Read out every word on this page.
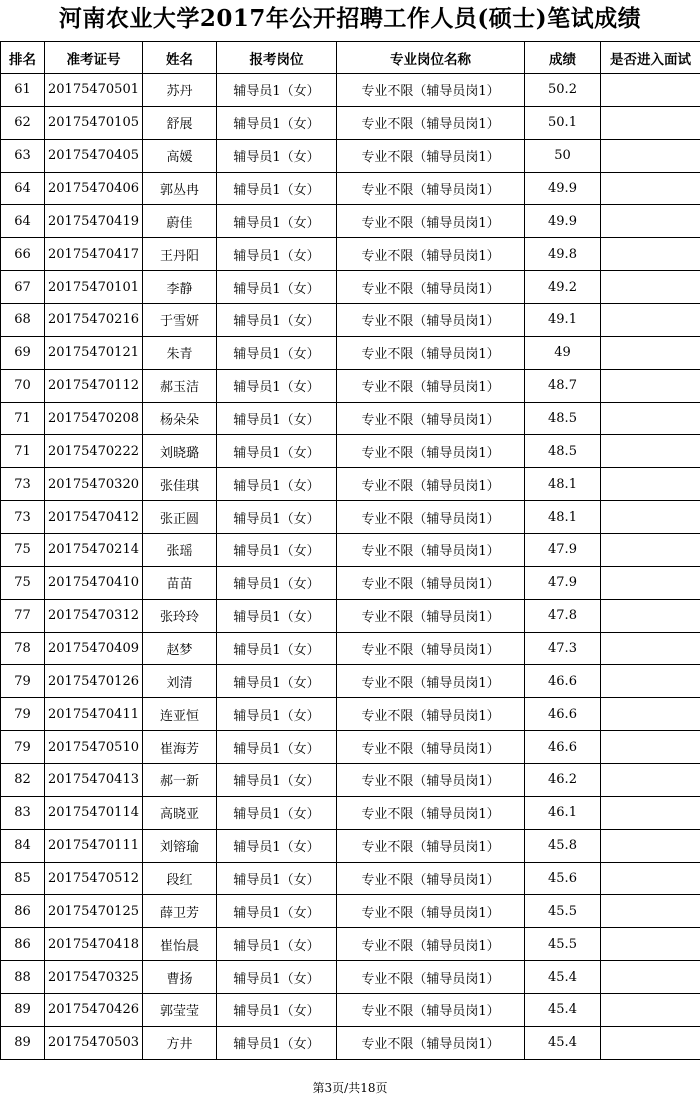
河南农业大学2017年公开招聘工作人员(硕士)笔试成绩
排名	准考证号	姓名	报考岗位	专业岗位名称	成绩	是否进入面试
61	20175470501	苏丹	辅导员1（女）	专业不限（辅导员岗1）	50.2	
62	20175470105	舒展	辅导员1（女）	专业不限（辅导员岗1）	50.1	
63	20175470405	高媛	辅导员1（女）	专业不限（辅导员岗1）	50	
64	20175470406	郭丛冉	辅导员1（女）	专业不限（辅导员岗1）	49.9	
64	20175470419	蔚佳	辅导员1（女）	专业不限（辅导员岗1）	49.9	
66	20175470417	王丹阳	辅导员1（女）	专业不限（辅导员岗1）	49.8	
67	20175470101	李静	辅导员1（女）	专业不限（辅导员岗1）	49.2	
68	20175470216	于雪妍	辅导员1（女）	专业不限（辅导员岗1）	49.1	
69	20175470121	朱青	辅导员1（女）	专业不限（辅导员岗1）	49	
70	20175470112	郝玉洁	辅导员1（女）	专业不限（辅导员岗1）	48.7	
71	20175470208	杨朵朵	辅导员1（女）	专业不限（辅导员岗1）	48.5	
71	20175470222	刘晓璐	辅导员1（女）	专业不限（辅导员岗1）	48.5	
73	20175470320	张佳琪	辅导员1（女）	专业不限（辅导员岗1）	48.1	
73	20175470412	张正圆	辅导员1（女）	专业不限（辅导员岗1）	48.1	
75	20175470214	张瑶	辅导员1（女）	专业不限（辅导员岗1）	47.9	
75	20175470410	苗苗	辅导员1（女）	专业不限（辅导员岗1）	47.9	
77	20175470312	张玲玲	辅导员1（女）	专业不限（辅导员岗1）	47.8	
78	20175470409	赵梦	辅导员1（女）	专业不限（辅导员岗1）	47.3	
79	20175470126	刘清	辅导员1（女）	专业不限（辅导员岗1）	46.6	
79	20175470411	连亚恒	辅导员1（女）	专业不限（辅导员岗1）	46.6	
79	20175470510	崔海芳	辅导员1（女）	专业不限（辅导员岗1）	46.6	
82	20175470413	郝一新	辅导员1（女）	专业不限（辅导员岗1）	46.2	
83	20175470114	高晓亚	辅导员1（女）	专业不限（辅导员岗1）	46.1	
84	20175470111	刘镕瑜	辅导员1（女）	专业不限（辅导员岗1）	45.8	
85	20175470512	段红	辅导员1（女）	专业不限（辅导员岗1）	45.6	
86	20175470125	薛卫芳	辅导员1（女）	专业不限（辅导员岗1）	45.5	
86	20175470418	崔怡晨	辅导员1（女）	专业不限（辅导员岗1）	45.5	
88	20175470325	曹扬	辅导员1（女）	专业不限（辅导员岗1）	45.4	
89	20175470426	郭莹莹	辅导员1（女）	专业不限（辅导员岗1）	45.4	
89	20175470503	方井	辅导员1（女）	专业不限（辅导员岗1）	45.4	
第3页/共18页
